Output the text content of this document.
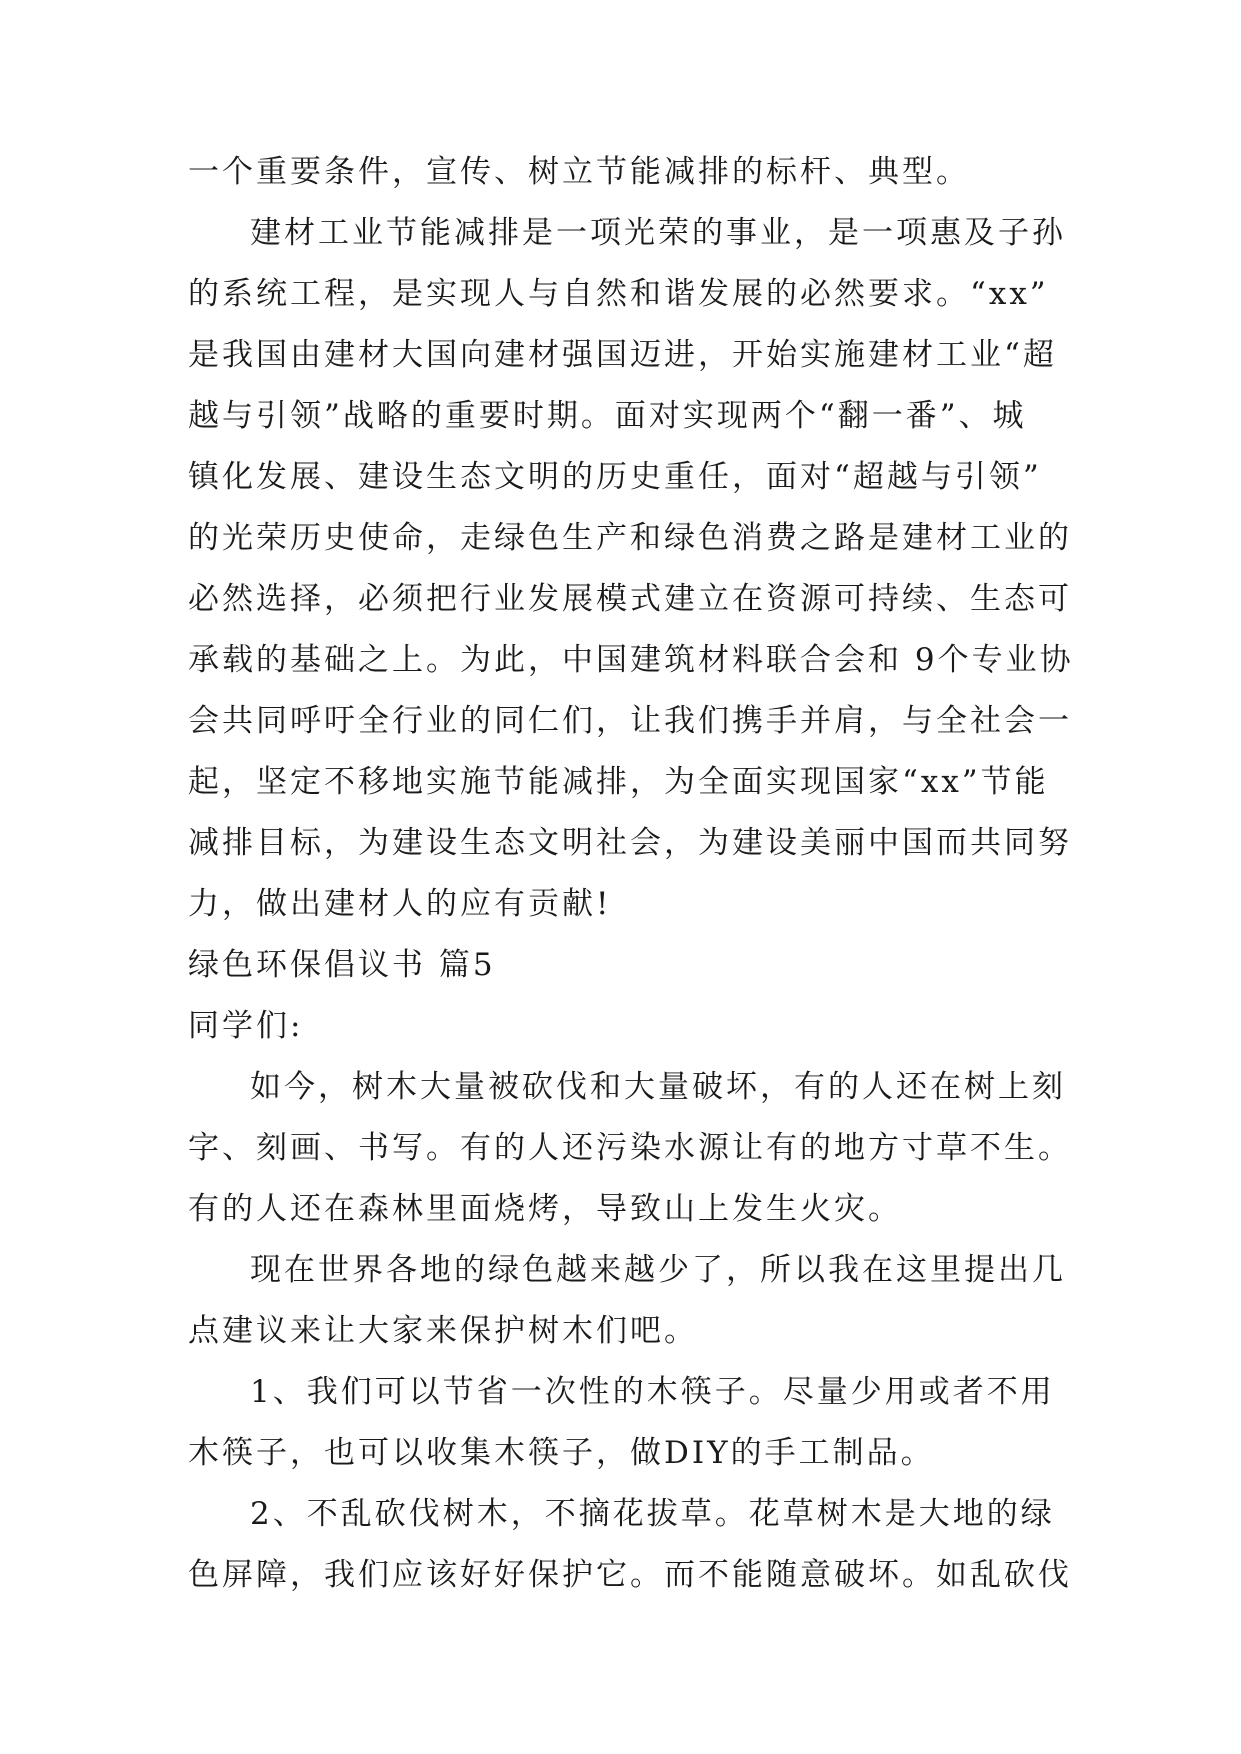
一个重要条件，宣传、树立节能减排的标杆、典型。
建材工业节能减排是一项光荣的事业，是一项惠及子孙
的系统工程，是实现人与自然和谐发展的必然要求。“xx”
是我国由建材大国向建材强国迈进，开始实施建材工业“超
越与引领”战略的重要时期。面对实现两个“翻一番”、城
镇化发展、建设生态文明的历史重任，面对“超越与引领”
的光荣历史使命，走绿色生产和绿色消费之路是建材工业的
必然选择，必须把行业发展模式建立在资源可持续、生态可
承载的基础之上。为此，中国建筑材料联合会和 9个专业协
会共同呼吁全行业的同仁们，让我们携手并肩，与全社会一
起，坚定不移地实施节能减排，为全面实现国家“xx”节能
减排目标，为建设生态文明社会，为建设美丽中国而共同努
力，做出建材人的应有贡献!
绿色环保倡议书 篇5
同学们:
如今，树木大量被砍伐和大量破坏，有的人还在树上刻
字、刻画、书写。有的人还污染水源让有的地方寸草不生。
有的人还在森林里面烧烤，导致山上发生火灾。
现在世界各地的绿色越来越少了，所以我在这里提出几
点建议来让大家来保护树木们吧。
1、我们可以节省一次性的木筷子。尽量少用或者不用
木筷子，也可以收集木筷子，做DIY的手工制品。
2、不乱砍伐树木，不摘花拔草。花草树木是大地的绿
色屏障，我们应该好好保护它。而不能随意破坏。如乱砍伐
